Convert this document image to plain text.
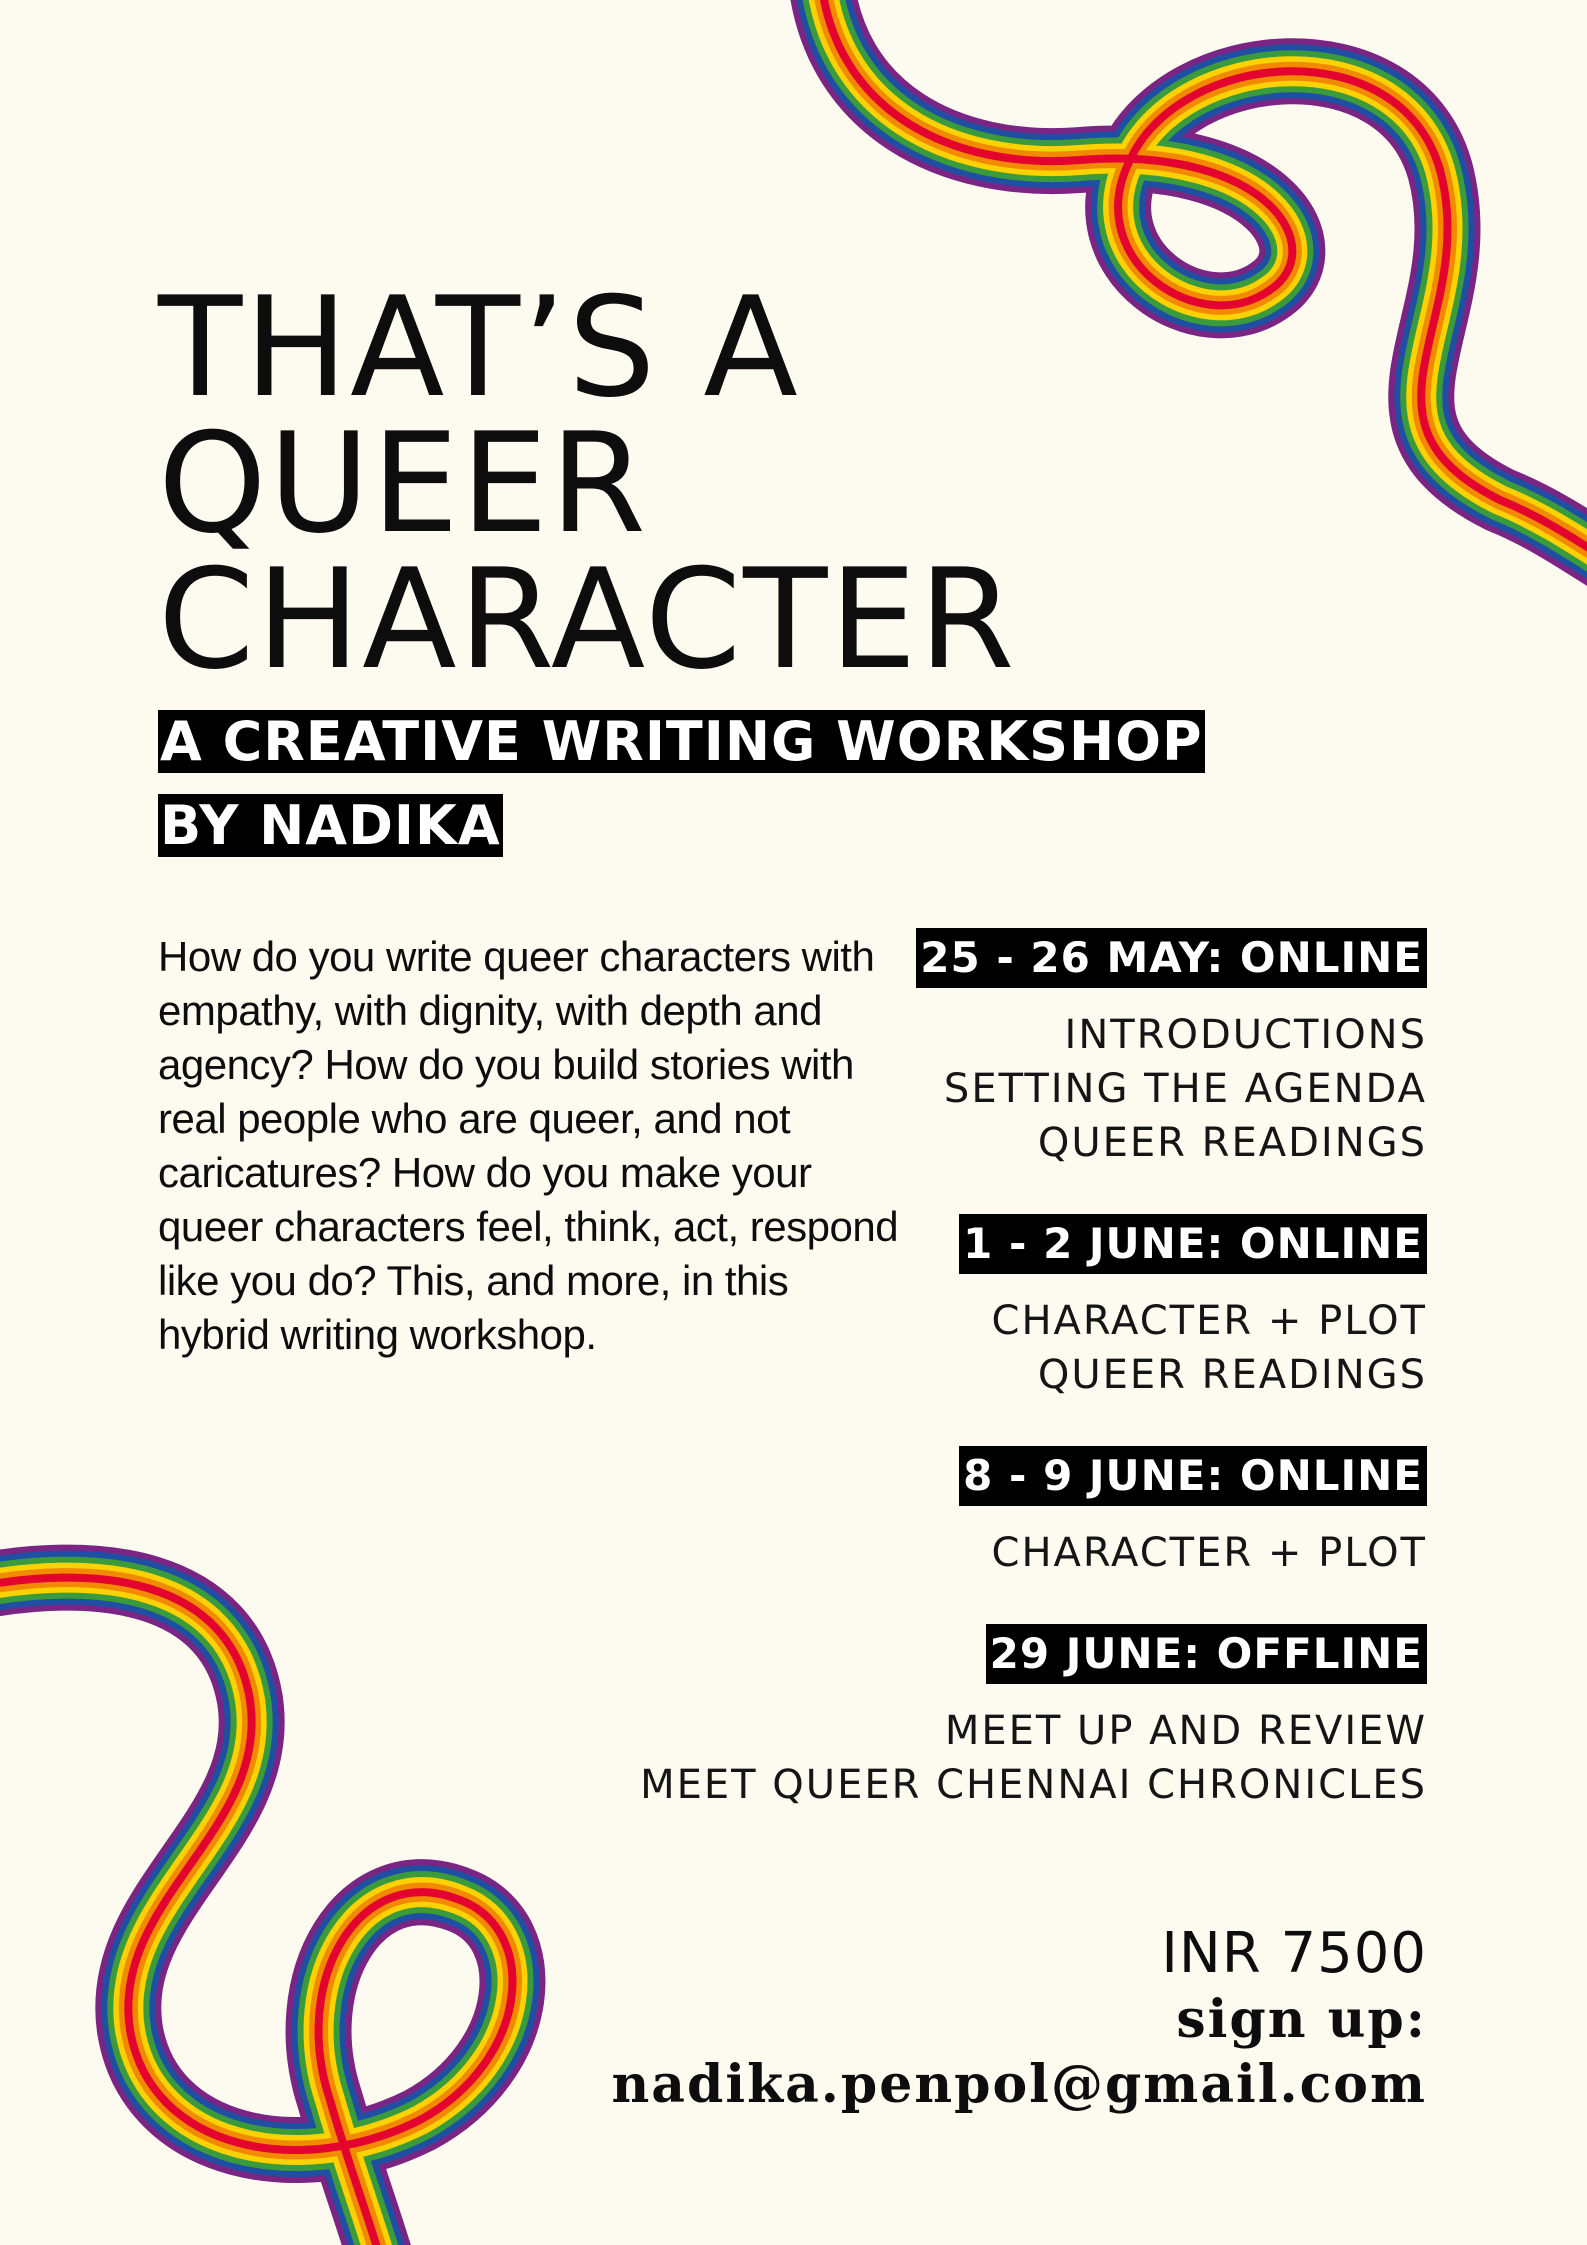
THAT’S A
QUEER
CHARACTER
A CREATIVE WRITING WORKSHOP BY NADIKA

How do you write queer characters with empathy, with dignity, with depth and agency? How do you build stories with real people who are queer, and not caricatures? How do you make your queer characters feel, think, act, respond like you do? This, and more, in this hybrid writing workshop.

25 - 26 MAY: ONLINE
INTRODUCTIONS
SETTING THE AGENDA
QUEER READINGS
1 - 2 JUNE: ONLINE
CHARACTER + PLOT
QUEER READINGS
8 - 9 JUNE: ONLINE
CHARACTER + PLOT
29 JUNE: OFFLINE
MEET UP AND REVIEW
MEET QUEER CHENNAI CHRONICLES
INR 7500
sign up:
nadika.penpol@gmail.com
